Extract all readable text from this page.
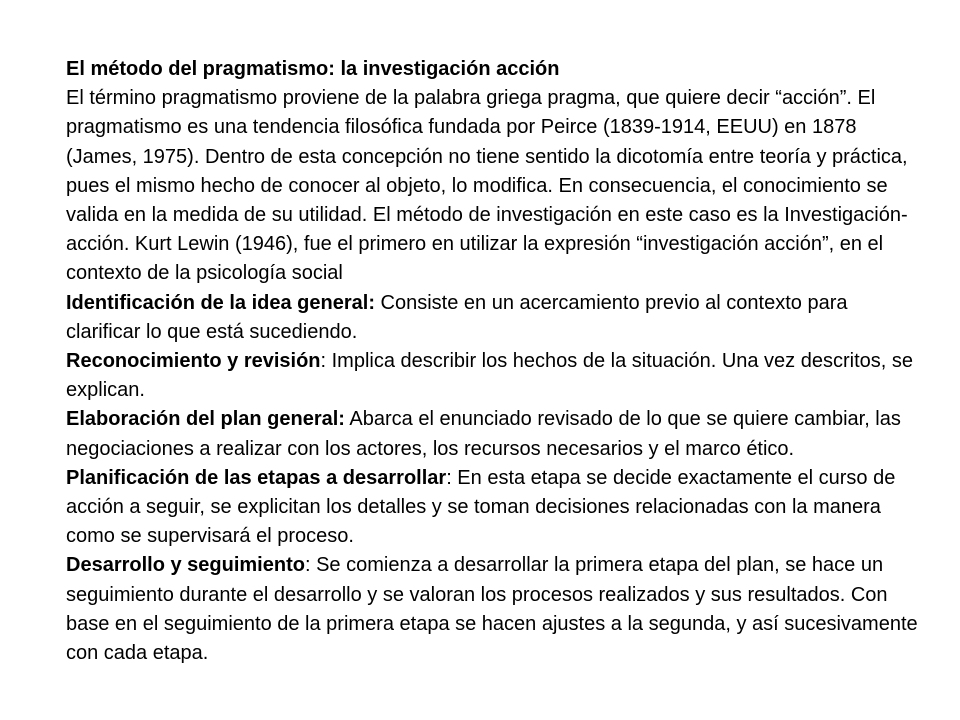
El método del pragmatismo: la investigación acción

El término pragmatismo proviene de la palabra griega pragma, que quiere decir “acción”. El pragmatismo es una tendencia filosófica fundada por Peirce (1839-1914, EEUU) en 1878 (James, 1975). Dentro de esta concepción no tiene sentido la dicotomía entre teoría y práctica, pues el mismo hecho de conocer al objeto, lo modifica. En consecuencia, el conocimiento se valida en la medida de su utilidad. El método de investigación en este caso es la Investigación-acción. Kurt Lewin (1946), fue el primero en utilizar la expresión “investigación acción”, en el contexto de la psicología social

Identificación de la idea general: Consiste en un acercamiento previo al contexto para clarificar lo que está sucediendo.

Reconocimiento y revisión: Implica describir los hechos de la situación. Una vez descritos, se explican.

Elaboración del plan general: Abarca el enunciado revisado de lo que se quiere cambiar, las negociaciones a realizar con los actores, los recursos necesarios y el marco ético.

Planificación de las etapas a desarrollar: En esta etapa se decide exactamente el curso de acción a seguir, se explicitan los detalles y se toman decisiones relacionadas con la manera como se supervisará el proceso.

Desarrollo y seguimiento: Se comienza a desarrollar la primera etapa del plan, se hace un seguimiento durante el desarrollo y se valoran los procesos realizados y sus resultados. Con base en el seguimiento de la primera etapa se hacen ajustes a la segunda, y así sucesivamente con cada etapa.
